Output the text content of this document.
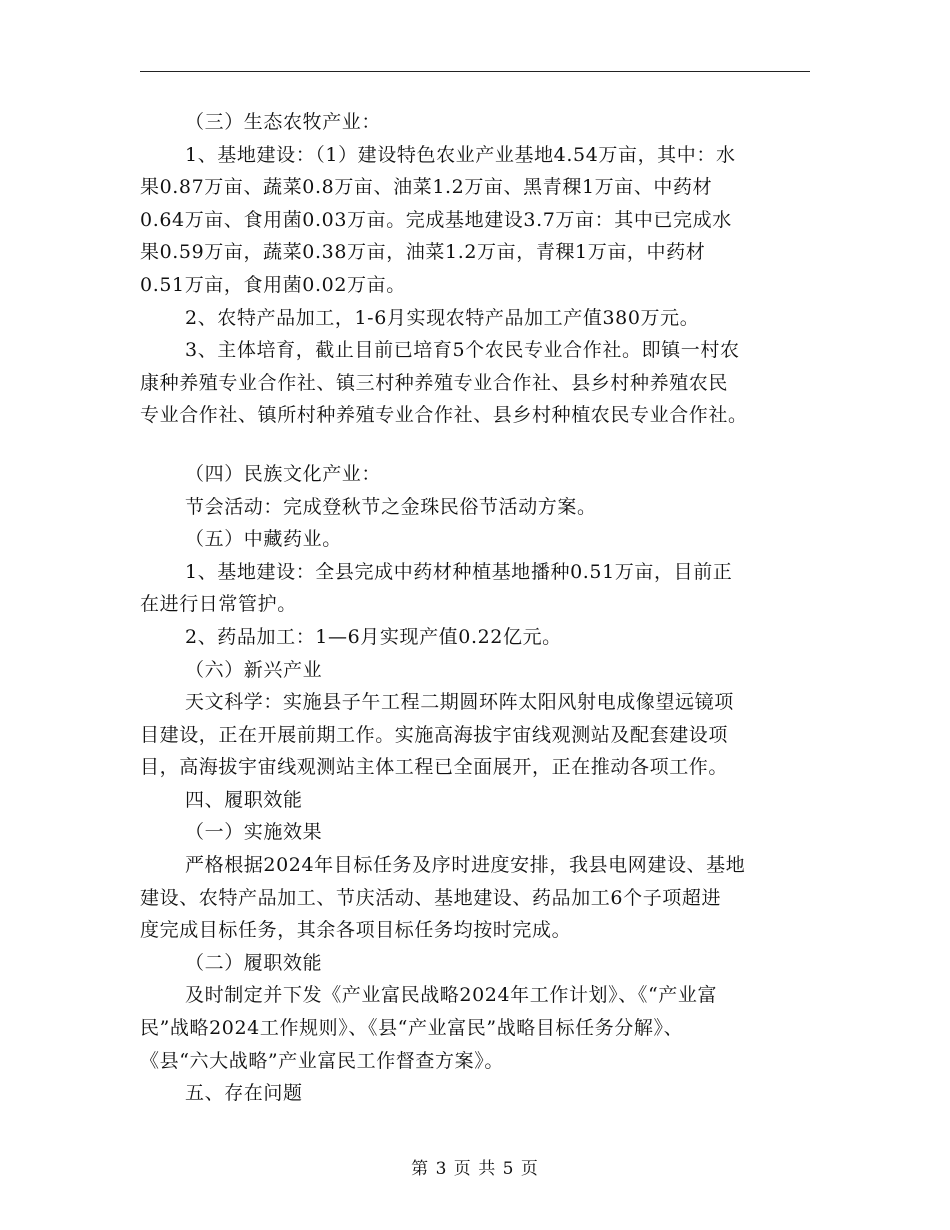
（三）生态农牧产业：
1、基地建设：（1）建设特色农业产业基地4.54万亩，其中：水
果0.87万亩、蔬菜0.8万亩、油菜1.2万亩、黑青稞1万亩、中药材
0.64万亩、食用菌0.03万亩。完成基地建设3.7万亩：其中已完成水
果0.59万亩，蔬菜0.38万亩，油菜1.2万亩，青稞1万亩，中药材
0.51万亩，食用菌0.02万亩。
2、农特产品加工，1-6月实现农特产品加工产值380万元。
3、主体培育，截止目前已培育5个农民专业合作社。即镇一村农
康种养殖专业合作社、镇三村种养殖专业合作社、县乡村种养殖农民
专业合作社、镇所村种养殖专业合作社、县乡村种植农民专业合作社。
（四）民族文化产业：
节会活动：完成登秋节之金珠民俗节活动方案。
（五）中藏药业。
1、基地建设：全县完成中药材种植基地播种0.51万亩，目前正
在进行日常管护。
2、药品加工：1—6月实现产值0.22亿元。
（六）新兴产业
天文科学：实施县子午工程二期圆环阵太阳风射电成像望远镜项
目建设，正在开展前期工作。实施高海拔宇宙线观测站及配套建设项
目，高海拔宇宙线观测站主体工程已全面展开，正在推动各项工作。
四、履职效能
（一）实施效果
严格根据2024年目标任务及序时进度安排，我县电网建设、基地
建设、农特产品加工、节庆活动、基地建设、药品加工6个子项超进
度完成目标任务，其余各项目标任务均按时完成。
（二）履职效能
及时制定并下发《产业富民战略2024年工作计划》、《“产业富
民”战略2024工作规则》、《县“产业富民”战略目标任务分解》、
《县“六大战略”产业富民工作督查方案》。
五、存在问题
第 3 页 共 5 页
